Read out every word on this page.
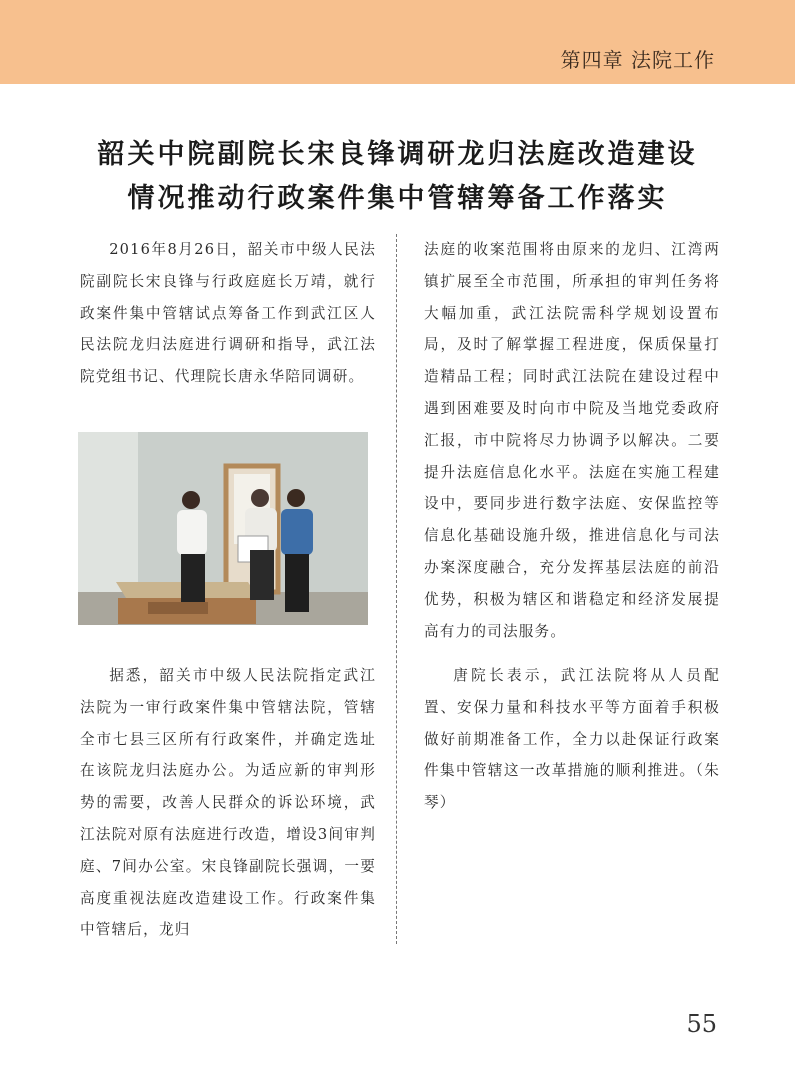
第四章 法院工作
韶关中院副院长宋良锋调研龙归法庭改造建设
情况推动行政案件集中管辖筹备工作落实

2016年8月26日，韶关市中级人民法院副院长宋良锋与行政庭庭长万靖，就行政案件集中管辖试点筹备工作到武江区人民法院龙归法庭进行调研和指导，武江法院党组书记、代理院长唐永华陪同调研。

据悉，韶关市中级人民法院指定武江法院为一审行政案件集中管辖法院，管辖全市七县三区所有行政案件，并确定选址在该院龙归法庭办公。为适应新的审判形势的需要，改善人民群众的诉讼环境，武江法院对原有法庭进行改造，增设3间审判庭、7间办公室。宋良锋副院长强调，一要高度重视法庭改造建设工作。行政案件集中管辖后，龙归

法庭的收案范围将由原来的龙归、江湾两镇扩展至全市范围，所承担的审判任务将大幅加重，武江法院需科学规划设置布局，及时了解掌握工程进度，保质保量打造精品工程；同时武江法院在建设过程中遇到困难要及时向市中院及当地党委政府汇报，市中院将尽力协调予以解决。二要提升法庭信息化水平。法庭在实施工程建设中，要同步进行数字法庭、安保监控等信息化基础设施升级，推进信息化与司法办案深度融合，充分发挥基层法庭的前沿优势，积极为辖区和谐稳定和经济发展提高有力的司法服务。

唐院长表示，武江法院将从人员配置、安保力量和科技水平等方面着手积极做好前期准备工作，全力以赴保证行政案件集中管辖这一改革措施的顺利推进。（朱琴）

55
